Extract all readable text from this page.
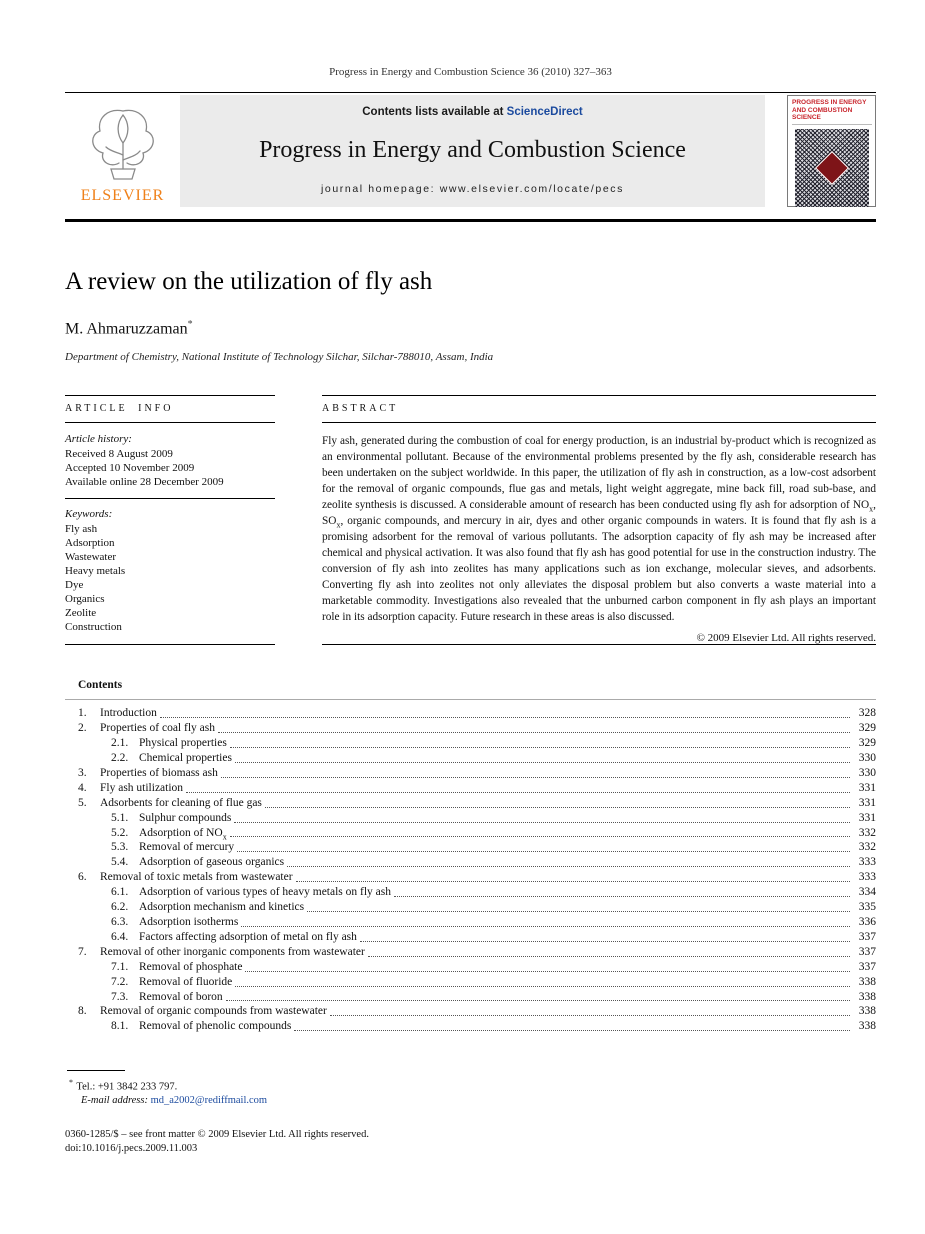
Progress in Energy and Combustion Science 36 (2010) 327–363
ELSEVIER
Contents lists available at ScienceDirect
Progress in Energy and Combustion Science
journal homepage: www.elsevier.com/locate/pecs
PROGRESS IN ENERGY AND COMBUSTION SCIENCE
A review on the utilization of fly ash
M. Ahmaruzzaman*
Department of Chemistry, National Institute of Technology Silchar, Silchar-788010, Assam, India
ARTICLE INFO
Article history:
Received 8 August 2009
Accepted 10 November 2009
Available online 28 December 2009
Keywords:
Fly ash
Adsorption
Wastewater
Heavy metals
Dye
Organics
Zeolite
Construction
ABSTRACT

Fly ash, generated during the combustion of coal for energy production, is an industrial by-product which is recognized as an environmental pollutant. Because of the environmental problems presented by the fly ash, considerable research has been undertaken on the subject worldwide. In this paper, the utilization of fly ash in construction, as a low-cost adsorbent for the removal of organic compounds, flue gas and metals, light weight aggregate, mine back fill, road sub-base, and zeolite synthesis is discussed. A considerable amount of research has been conducted using fly ash for adsorption of $NO_x$, $SO_x$, organic compounds, and mercury in air, dyes and other organic compounds in waters. It is found that fly ash is a promising adsorbent for the removal of various pollutants. The adsorption capacity of fly ash may be increased after chemical and physical activation. It was also found that fly ash has good potential for use in the construction industry. The conversion of fly ash into zeolites has many applications such as ion exchange, molecular sieves, and adsorbents. Converting fly ash into zeolites not only alleviates the disposal problem but also converts a waste material into a marketable commodity. Investigations also revealed that the unburned carbon component in fly ash plays an important role in its adsorption capacity. Future research in these areas is also discussed.

© 2009 Elsevier Ltd. All rights reserved.
Contents
1.	Introduction	328
2.	Properties of coal fly ash	329
2.1. Physical properties	329
2.2. Chemical properties	330
3.	Properties of biomass ash	330
4.	Fly ash utilization	331
5.	Adsorbents for cleaning of flue gas	331
5.1. Sulphur compounds	331
5.2. Adsorption of $NO_x$	332
5.3. Removal of mercury	332
5.4. Adsorption of gaseous organics	333
6.	Removal of toxic metals from wastewater	333
6.1. Adsorption of various types of heavy metals on fly ash	334
6.2. Adsorption mechanism and kinetics	335
6.3. Adsorption isotherms	336
6.4. Factors affecting adsorption of metal on fly ash	337
7.	Removal of other inorganic components from wastewater	337
7.1. Removal of phosphate	337
7.2. Removal of fluoride	338
7.3. Removal of boron	338
8.	Removal of organic compounds from wastewater	338
8.1. Removal of phenolic compounds	338
* Tel.: +91 3842 233 797.
E-mail address: md_a2002@rediffmail.com
0360-1285/$ – see front matter © 2009 Elsevier Ltd. All rights reserved.
doi:10.1016/j.pecs.2009.11.003
